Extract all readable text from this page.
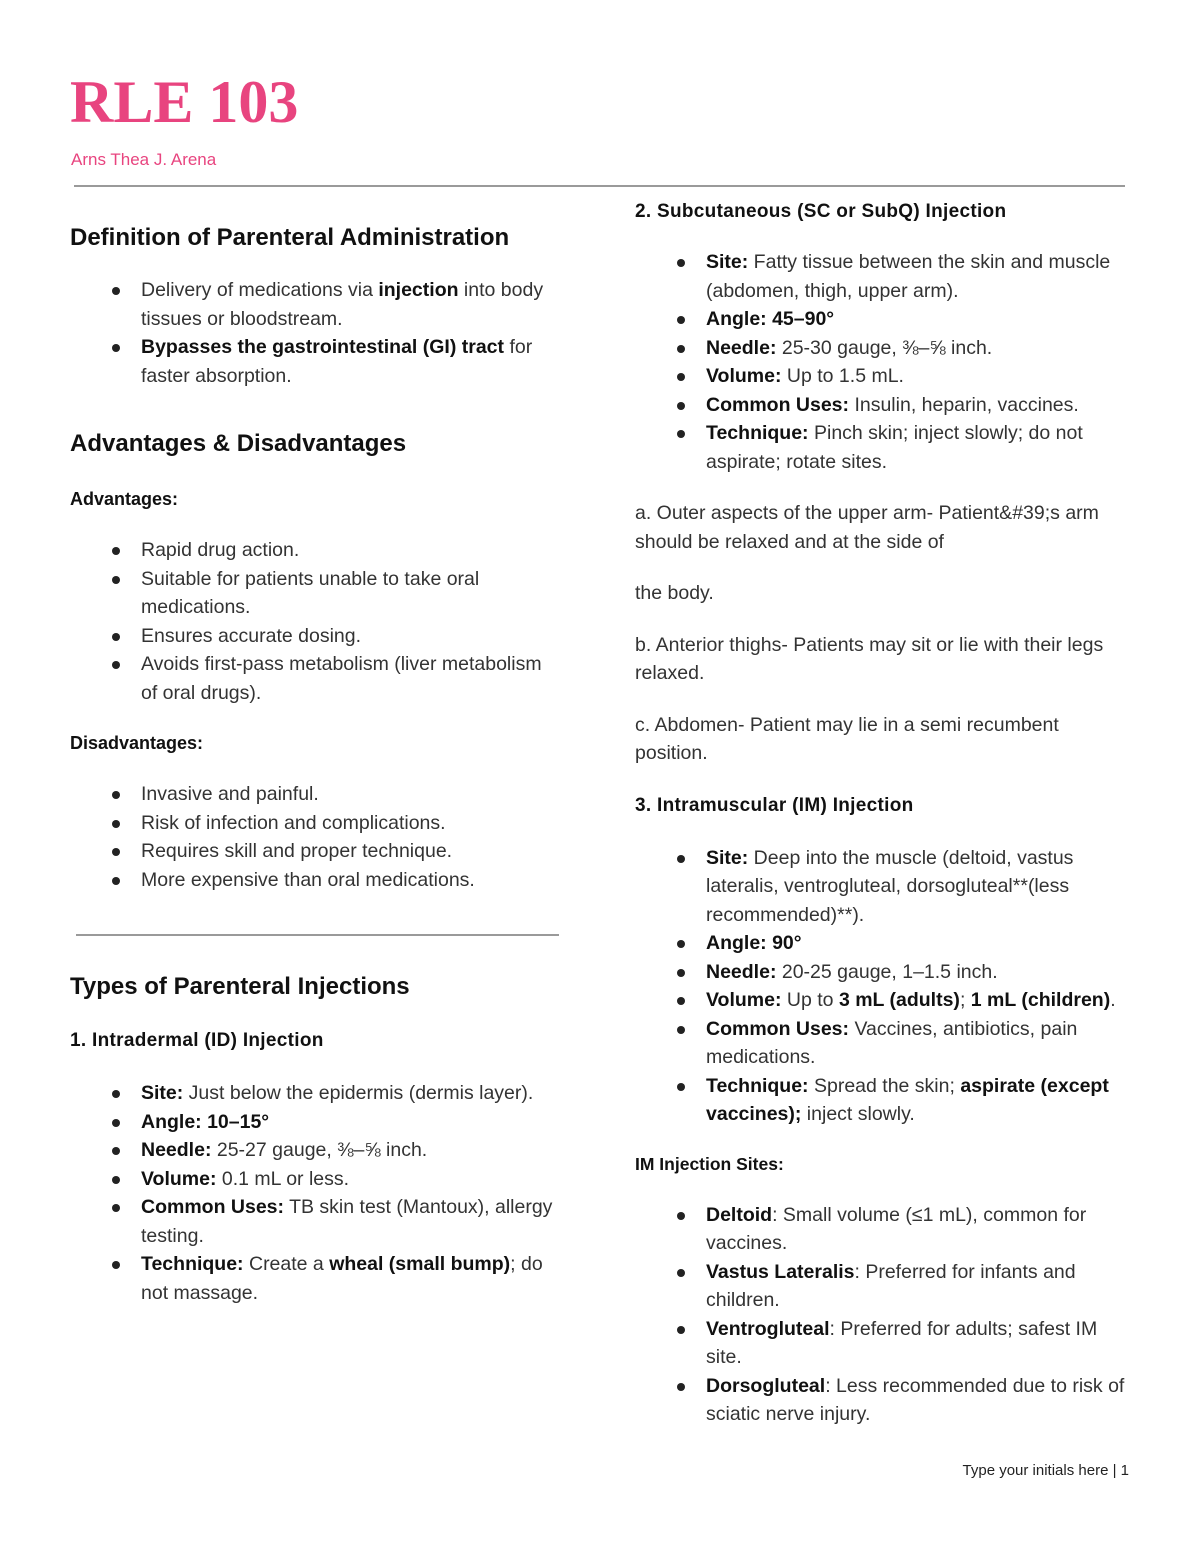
RLE 103
Arns Thea J. Arena
Definition of Parenteral Administration
Delivery of medications via injection into body tissues or bloodstream.
Bypasses the gastrointestinal (GI) tract for faster absorption.
Advantages & Disadvantages
Advantages:
Rapid drug action.
Suitable for patients unable to take oral medications.
Ensures accurate dosing.
Avoids first-pass metabolism (liver metabolism of oral drugs).
Disadvantages:
Invasive and painful.
Risk of infection and complications.
Requires skill and proper technique.
More expensive than oral medications.
Types of Parenteral Injections
1. Intradermal (ID) Injection
Site: Just below the epidermis (dermis layer).
Angle: 10–15°
Needle: 25-27 gauge, ⅜–⅝ inch.
Volume: 0.1 mL or less.
Common Uses: TB skin test (Mantoux), allergy testing.
Technique: Create a wheal (small bump); do not massage.
2. Subcutaneous (SC or SubQ) Injection
Site: Fatty tissue between the skin and muscle (abdomen, thigh, upper arm).
Angle: 45–90°
Needle: 25-30 gauge, ⅜–⅝ inch.
Volume: Up to 1.5 mL.
Common Uses: Insulin, heparin, vaccines.
Technique: Pinch skin; inject slowly; do not aspirate; rotate sites.

a. Outer aspects of the upper arm- Patient&#39;s arm should be relaxed and at the side of

the body.

b. Anterior thighs- Patients may sit or lie with their legs relaxed.

c. Abdomen- Patient may lie in a semi recumbent position.

3. Intramuscular (IM) Injection
Site: Deep into the muscle (deltoid, vastus lateralis, ventrogluteal, dorsogluteal**(less recommended)**).
Angle: 90°
Needle: 20-25 gauge, 1–1.5 inch.
Volume: Up to 3 mL (adults); 1 mL (children).
Common Uses: Vaccines, antibiotics, pain medications.
Technique: Spread the skin; aspirate (except vaccines); inject slowly.
IM Injection Sites:
Deltoid: Small volume (≤1 mL), common for vaccines.
Vastus Lateralis: Preferred for infants and children.
Ventrogluteal: Preferred for adults; safest IM site.
Dorsogluteal: Less recommended due to risk of sciatic nerve injury.
Type your initials here | 1
